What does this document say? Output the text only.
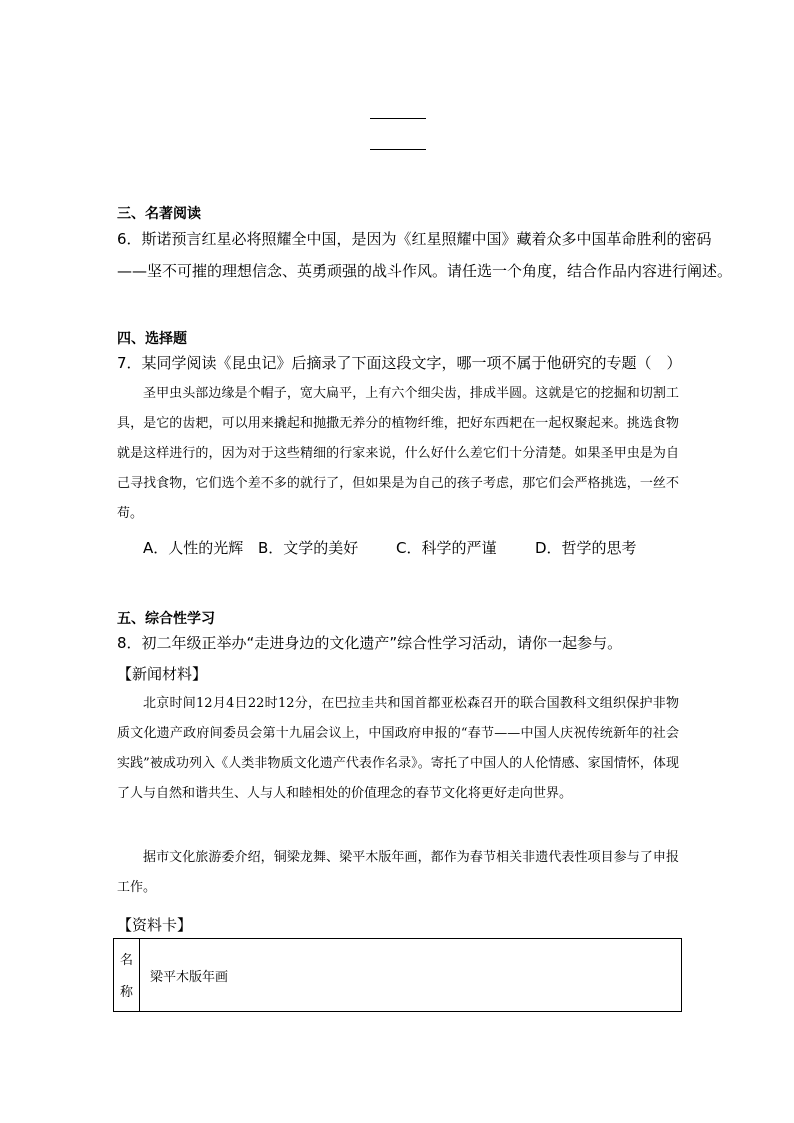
三、名著阅读
6．斯诺预言红星必将照耀全中国，是因为《红星照耀中国》藏着众多中国革命胜利的密码
——坚不可摧的理想信念、英勇顽强的战斗作风。请任选一个角度，结合作品内容进行阐述。
四、选择题
7．某同学阅读《昆虫记》后摘录了下面这段文字，哪一项不属于他研究的专题（　）

圣甲虫头部边缘是个帽子，宽大扁平，上有六个细尖齿，排成半圆。这就是它的挖掘和切割工具，是它的齿耙，可以用来撬起和抛撒无养分的植物纤维，把好东西耙在一起权聚起来。挑选食物就是这样进行的，因为对于这些精细的行家来说，什么好什么差它们十分清楚。如果圣甲虫是为自己寻找食物，它们选个差不多的就行了，但如果是为自己的孩子考虑，那它们会严格挑选，一丝不苟。

A．人性的光辉 B．文学的美好	C．科学的严谨	D．哲学的思考
五、综合性学习
8．初二年级正举办“走进身边的文化遗产”综合性学习活动，请你一起参与。
【新闻材料】

北京时间12月4日22时12分，在巴拉圭共和国首都亚松森召开的联合国教科文组织保护非物质文化遗产政府间委员会第十九届会议上，中国政府申报的“春节——中国人庆祝传统新年的社会实践”被成功列入《人类非物质文化遗产代表作名录》。寄托了中国人的人伦情感、家国情怀，体现了人与自然和谐共生、人与人和睦相处的价值理念的春节文化将更好走向世界。

据市文化旅游委介绍，铜梁龙舞、梁平木版年画，都作为春节相关非遗代表性项目参与了申报工作。

【资料卡】
名
称
梁平木版年画
